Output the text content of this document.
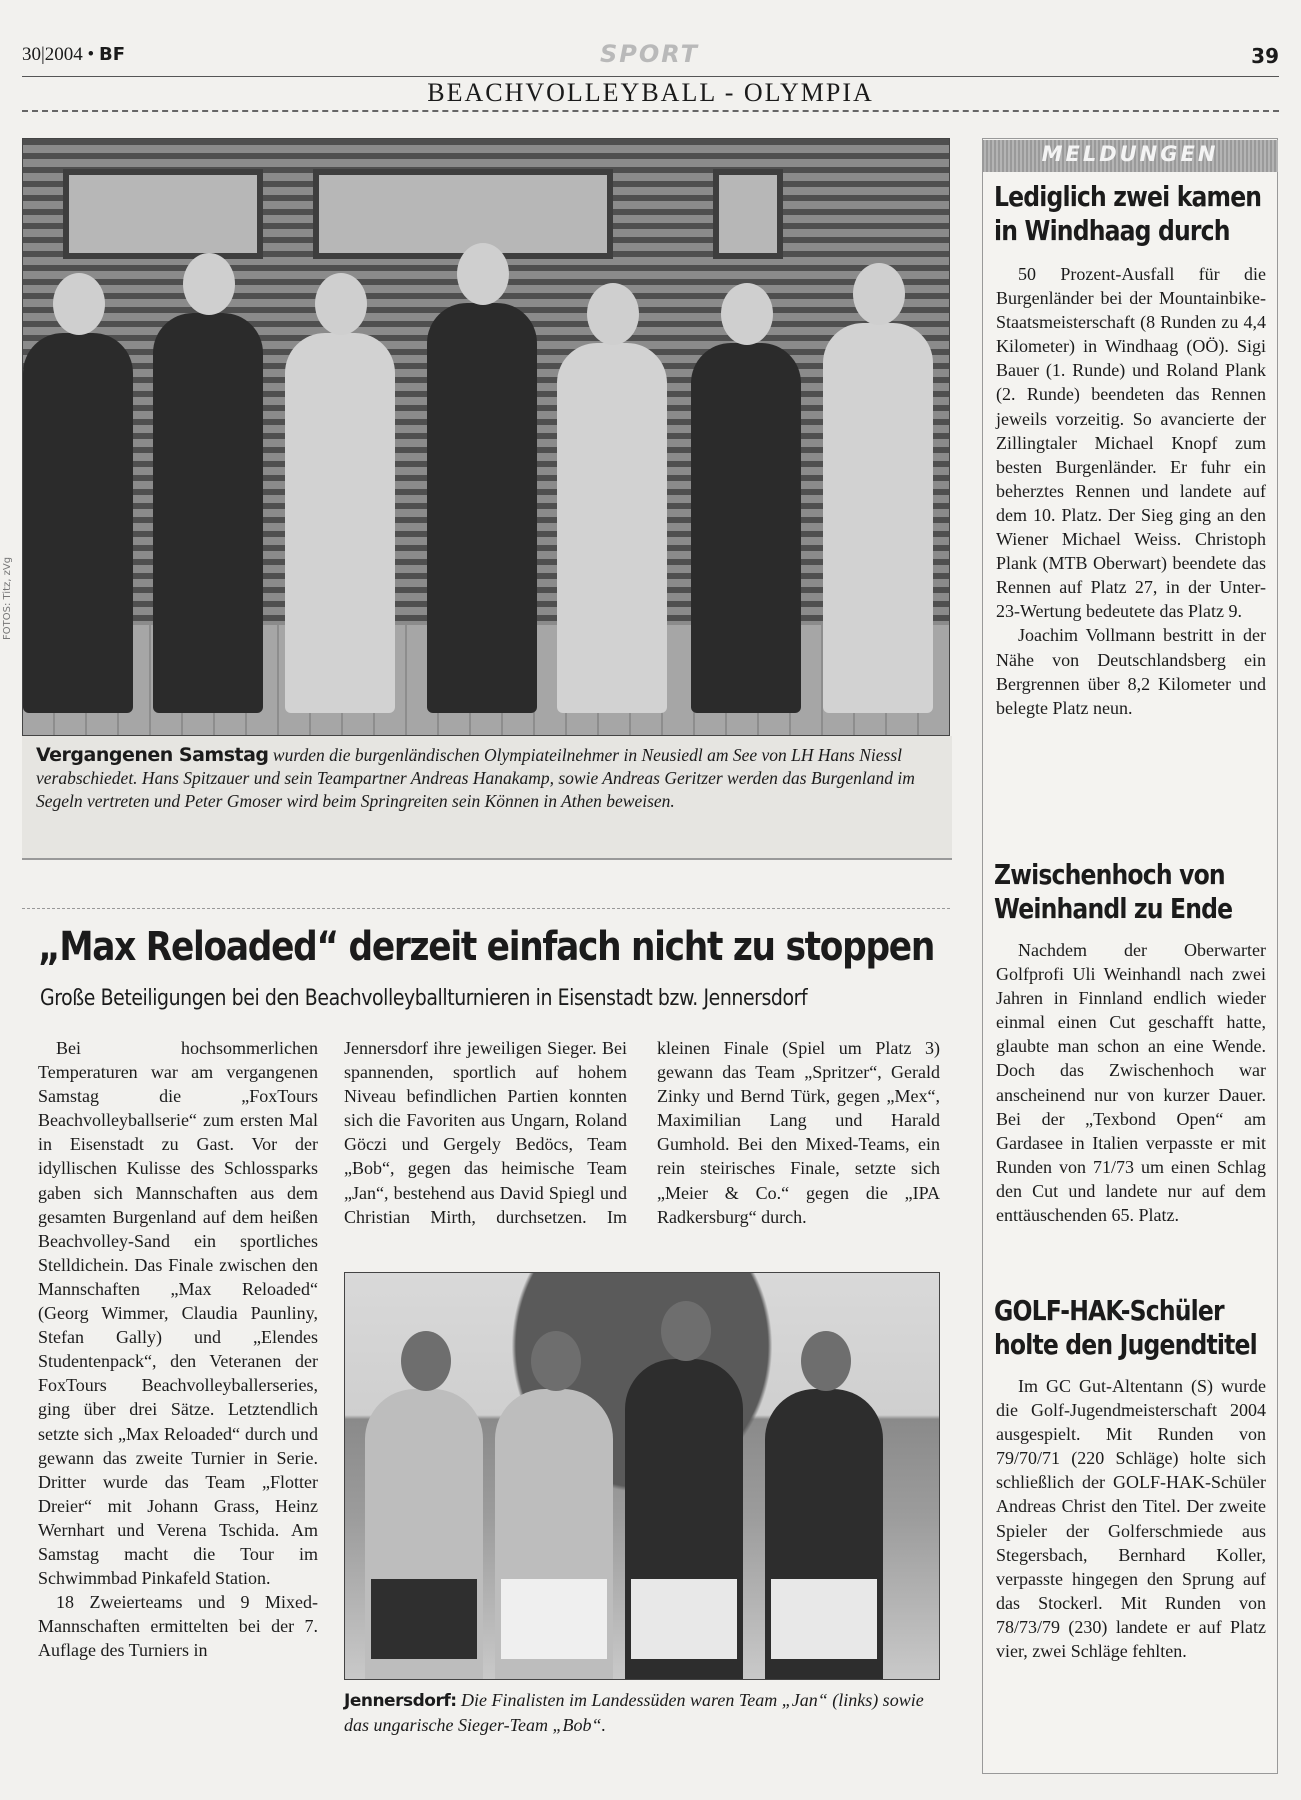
30|2004 • BF	SPORT	39
BEACHVOLLEYBALL - OLYMPIA
FOTOS: Titz, zVg
Vergangenen Samstag wurden die burgenländischen Olympiateilnehmer in Neusiedl am See von LH Hans Niessl verabschiedet. Hans Spitzauer und sein Teampartner Andreas Hanakamp, sowie Andreas Geritzer werden das Burgenland im Segeln vertreten und Peter Gmoser wird beim Springreiten sein Können in Athen beweisen.
„Max Reloaded“ derzeit einfach nicht zu stoppen
Große Beteiligungen bei den Beachvolleyballturnieren in Eisenstadt bzw. Jennersdorf

Bei hochsommerlichen Temperaturen war am vergangenen Samstag die „FoxTours Beachvolleyballserie“ zum ersten Mal in Eisenstadt zu Gast. Vor der idyllischen Kulisse des Schlossparks gaben sich Mannschaften aus dem gesamten Burgenland auf dem heißen Beachvolley-Sand ein sportliches Stelldichein. Das Finale zwischen den Mannschaften „Max Reloaded“ (Georg Wimmer, Claudia Paunliny, Stefan Gally) und „Elendes Studentenpack“, den Veteranen der FoxTours Beachvolleyballerseries, ging über drei Sätze. Letztendlich setzte sich „Max Reloaded“ durch und gewann das zweite Turnier in Serie. Dritter wurde das Team „Flotter Dreier“ mit Johann Grass, Heinz Wernhart und Verena Tschida. Am Samstag macht die Tour im Schwimmbad Pinkafeld Station.

18 Zweierteams und 9 Mixed-Mannschaften ermittelten bei der 7. Auflage des Turniers in

Jennersdorf ihre jeweiligen Sieger. Bei spannenden, sportlich auf hohem Niveau befindlichen Partien konnten sich die Favoriten aus Ungarn, Roland Göczi und Gergely Bedöcs, Team „Bob“, gegen das heimische Team „Jan“, bestehend aus David Spiegl und Christian Mirth, durchsetzen. Im kleinen Finale (Spiel um Platz 3) gewann das Team „Spritzer“, Gerald Zinky und Bernd Türk, gegen „Mex“, Maximilian Lang und Harald Gumhold. Bei den Mixed-Teams, ein rein steirisches Finale, setzte sich „Meier & Co.“ gegen die „IPA Radkersburg“ durch.

Jennersdorf: Die Finalisten im Landessüden waren Team „Jan“ (links) sowie das ungarische Sieger-Team „Bob“.
MELDUNGEN
Lediglich zwei kamen in Windhaag durch

50 Prozent-Ausfall für die Burgenländer bei der Mountainbike-Staatsmeisterschaft (8 Runden zu 4,4 Kilometer) in Windhaag (OÖ). Sigi Bauer (1. Runde) und Roland Plank (2. Runde) beendeten das Rennen jeweils vorzeitig. So avancierte der Zillingtaler Michael Knopf zum besten Burgenländer. Er fuhr ein beherztes Rennen und landete auf dem 10. Platz. Der Sieg ging an den Wiener Michael Weiss. Christoph Plank (MTB Oberwart) beendete das Rennen auf Platz 27, in der Unter-23-Wertung bedeutete das Platz 9.

Joachim Vollmann bestritt in der Nähe von Deutschlandsberg ein Bergrennen über 8,2 Kilometer und belegte Platz neun.

Zwischenhoch von Weinhandl zu Ende

Nachdem der Oberwarter Golfprofi Uli Weinhandl nach zwei Jahren in Finnland endlich wieder einmal einen Cut geschafft hatte, glaubte man schon an eine Wende. Doch das Zwischenhoch war anscheinend nur von kurzer Dauer. Bei der „Texbond Open“ am Gardasee in Italien verpasste er mit Runden von 71/73 um einen Schlag den Cut und landete nur auf dem enttäuschenden 65. Platz.

GOLF-HAK-Schüler holte den Jugendtitel

Im GC Gut-Altentann (S) wurde die Golf-Jugendmeisterschaft 2004 ausgespielt. Mit Runden von 79/70/71 (220 Schläge) holte sich schließlich der GOLF-HAK-Schüler Andreas Christ den Titel. Der zweite Spieler der Golferschmiede aus Stegersbach, Bernhard Koller, verpasste hingegen den Sprung auf das Stockerl. Mit Runden von 78/73/79 (230) landete er auf Platz vier, zwei Schläge fehlten.
